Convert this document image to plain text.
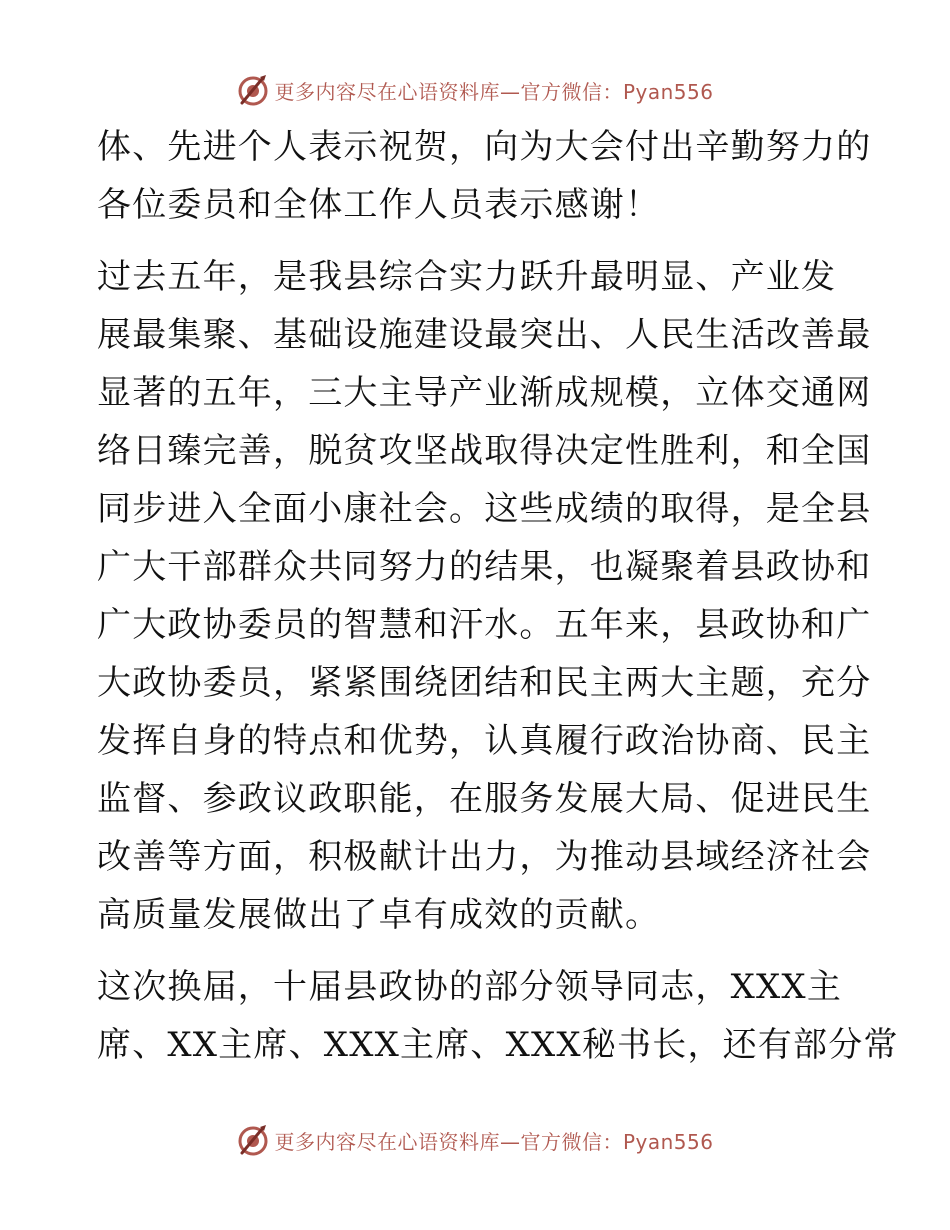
更多内容尽在心语资料库—官方微信：Pyan556
体、先进个人表示祝贺，向为大会付出辛勤努力的
各位委员和全体工作人员表示感谢！
过去五年，是我县综合实力跃升最明显、产业发
展最集聚、基础设施建设最突出、人民生活改善最
显著的五年，三大主导产业渐成规模，立体交通网
络日臻完善，脱贫攻坚战取得决定性胜利，和全国
同步进入全面小康社会。这些成绩的取得，是全县
广大干部群众共同努力的结果，也凝聚着县政协和
广大政协委员的智慧和汗水。五年来，县政协和广
大政协委员，紧紧围绕团结和民主两大主题，充分
发挥自身的特点和优势，认真履行政治协商、民主
监督、参政议政职能，在服务发展大局、促进民生
改善等方面，积极献计出力，为推动县域经济社会
高质量发展做出了卓有成效的贡献。
这次换届，十届县政协的部分领导同志，XXX主
席、XX主席、XXX主席、XXX秘书长，还有部分常
更多内容尽在心语资料库—官方微信：Pyan556
